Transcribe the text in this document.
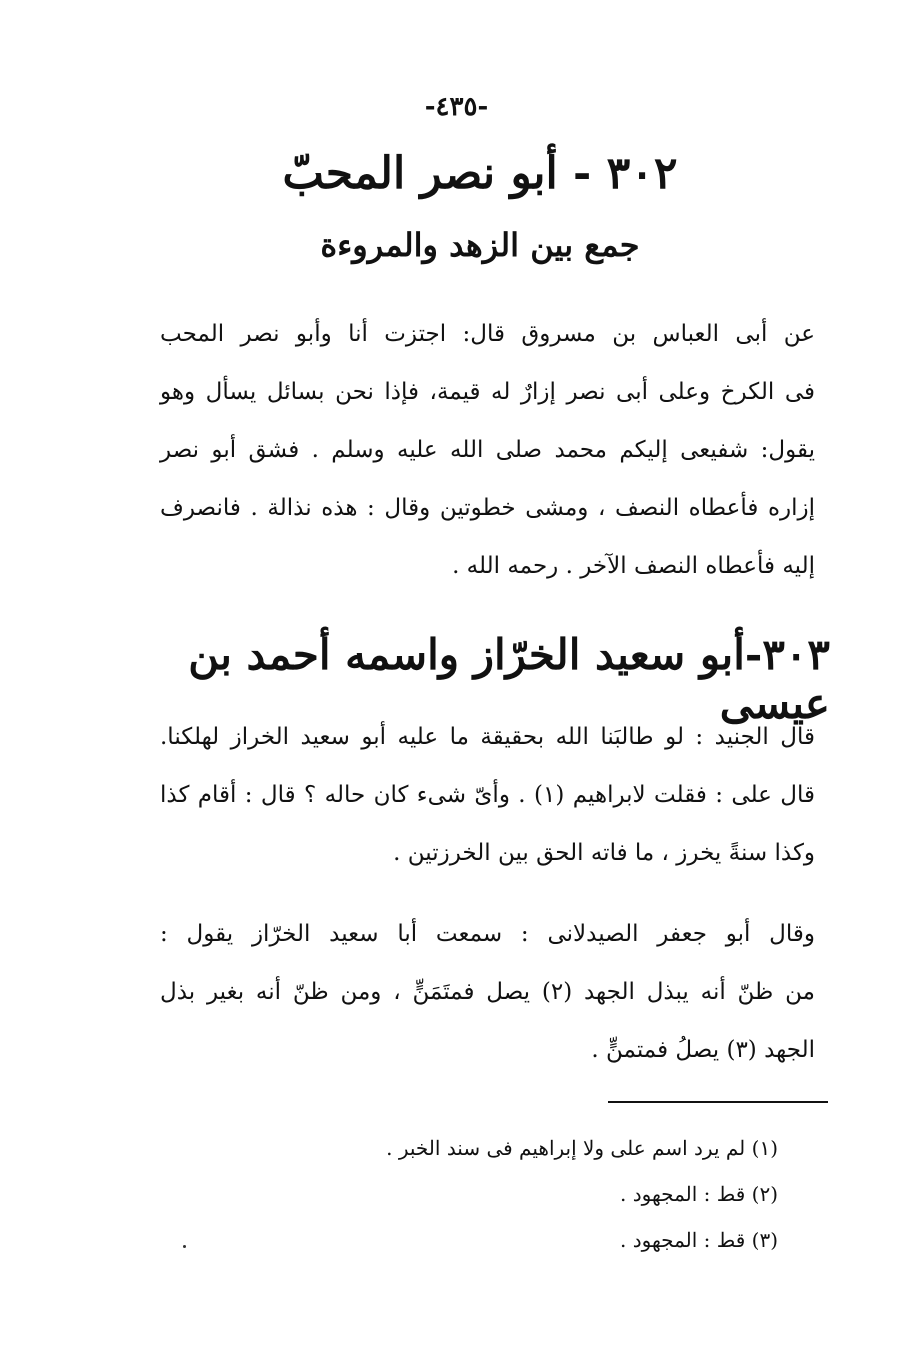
-٤٣٥-
٣٠٢ - أبو نصر المحبّ
جمع بين الزهد والمروءة
عن أبى العباس بن مسروق قال: اجتزت أنا وأبو نصر المحب
فى الكرخ وعلى أبى نصر إزارٌ له قيمة، فإذا نحن بسائل يسأل وهو
يقول: شفيعى إليكم محمد صلى الله عليه وسلم . فشق أبو نصر
إزاره فأعطاه النصف ، ومشى خطوتين وقال : هذه نذالة . فانصرف
إليه فأعطاه النصف الآخر . رحمه الله .
٣٠٣-أبو سعيد الخرّاز واسمه أحمد بن عيسى
قال الجنيد : لو طالبَنا الله بحقيقة ما عليه أبو سعيد الخراز لهلكنا.
قال على : فقلت لابراهيم (١) . وأىّ شىء كان حاله ؟ قال : أقام كذا
وكذا سنةً يخرز ، ما فاته الحق بين الخرزتين .
وقال أبو جعفر الصيدلانى : سمعت أبا سعيد الخرّاز يقول :
من ظنّ أنه يبذل الجهد (٢) يصل فمتَمَنٍّ ، ومن ظنّ أنه بغير بذل
الجهد (٣) يصلُ فمتمنٍّ .
(١) لم يرد اسم على ولا إبراهيم فى سند الخبر .
(٢) قط : المجهود .
(٣) قط : المجهود .
